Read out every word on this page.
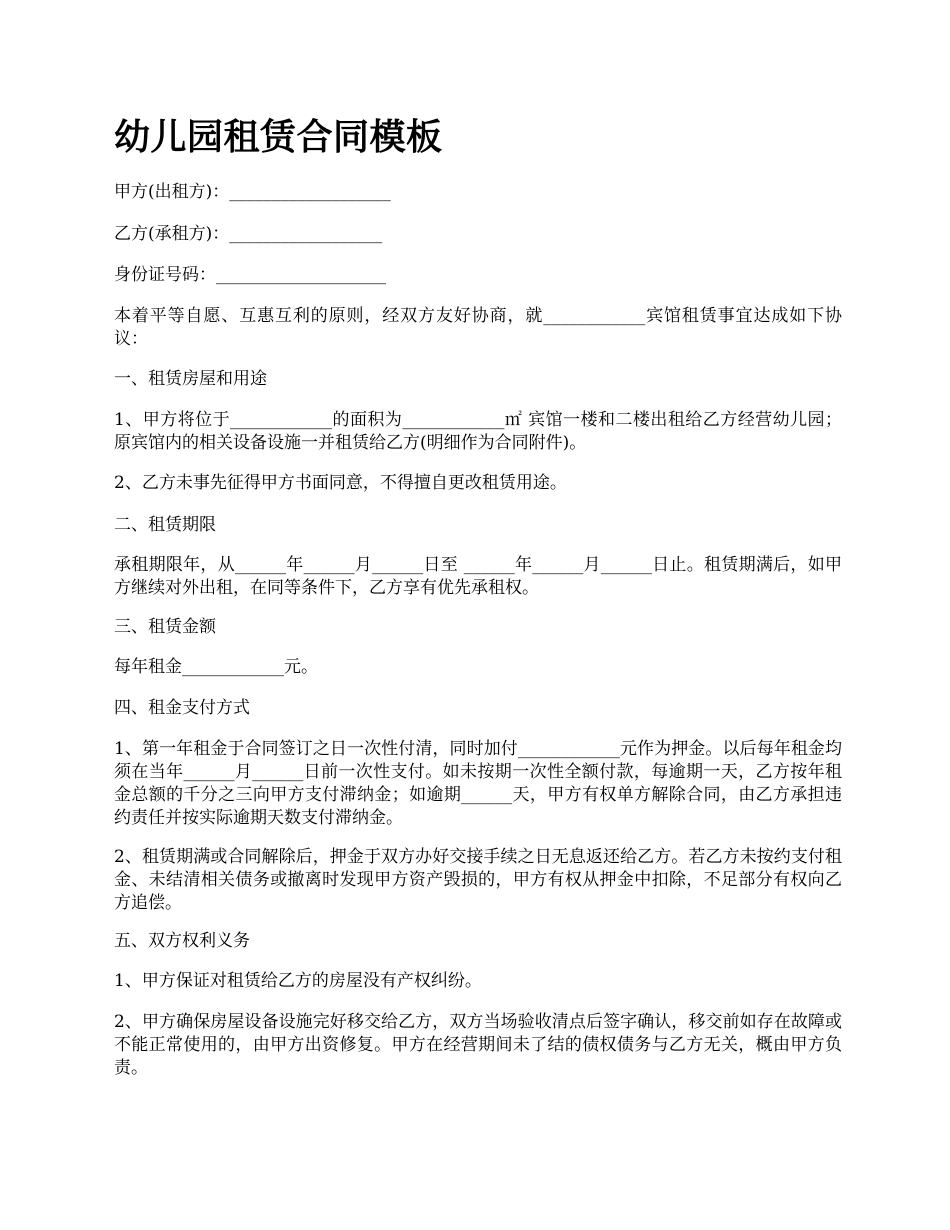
幼儿园租赁合同模板

甲方(出租方)：___________________

乙方(承租方)：__________________

身份证号码：____________________

本着平等自愿、互惠互利的原则，经双方友好协商，就____________宾馆租赁事宜达成如下协议：

一、租赁房屋和用途

1、甲方将位于____________的面积为____________㎡ 宾馆一楼和二楼出租给乙方经营幼儿园；原宾馆内的相关设备设施一并租赁给乙方(明细作为合同附件)。

2、乙方未事先征得甲方书面同意，不得擅自更改租赁用途。

二、租赁期限

承租期限年，从______年______月______日至 ______年______月______日止。租赁期满后，如甲方继续对外出租，在同等条件下，乙方享有优先承租权。

三、租赁金额

每年租金____________元。

四、租金支付方式

1、第一年租金于合同签订之日一次性付清，同时加付____________元作为押金。以后每年租金均须在当年______月______日前一次性支付。如未按期一次性全额付款，每逾期一天，乙方按年租金总额的千分之三向甲方支付滞纳金；如逾期______天，甲方有权单方解除合同，由乙方承担违约责任并按实际逾期天数支付滞纳金。

2、租赁期满或合同解除后，押金于双方办好交接手续之日无息返还给乙方。若乙方未按约支付租金、未结清相关债务或撤离时发现甲方资产毁损的，甲方有权从押金中扣除，不足部分有权向乙方追偿。

五、双方权利义务

1、甲方保证对租赁给乙方的房屋没有产权纠纷。

2、甲方确保房屋设备设施完好移交给乙方，双方当场验收清点后签字确认，移交前如存在故障或不能正常使用的，由甲方出资修复。甲方在经营期间未了结的债权债务与乙方无关，概由甲方负责。
